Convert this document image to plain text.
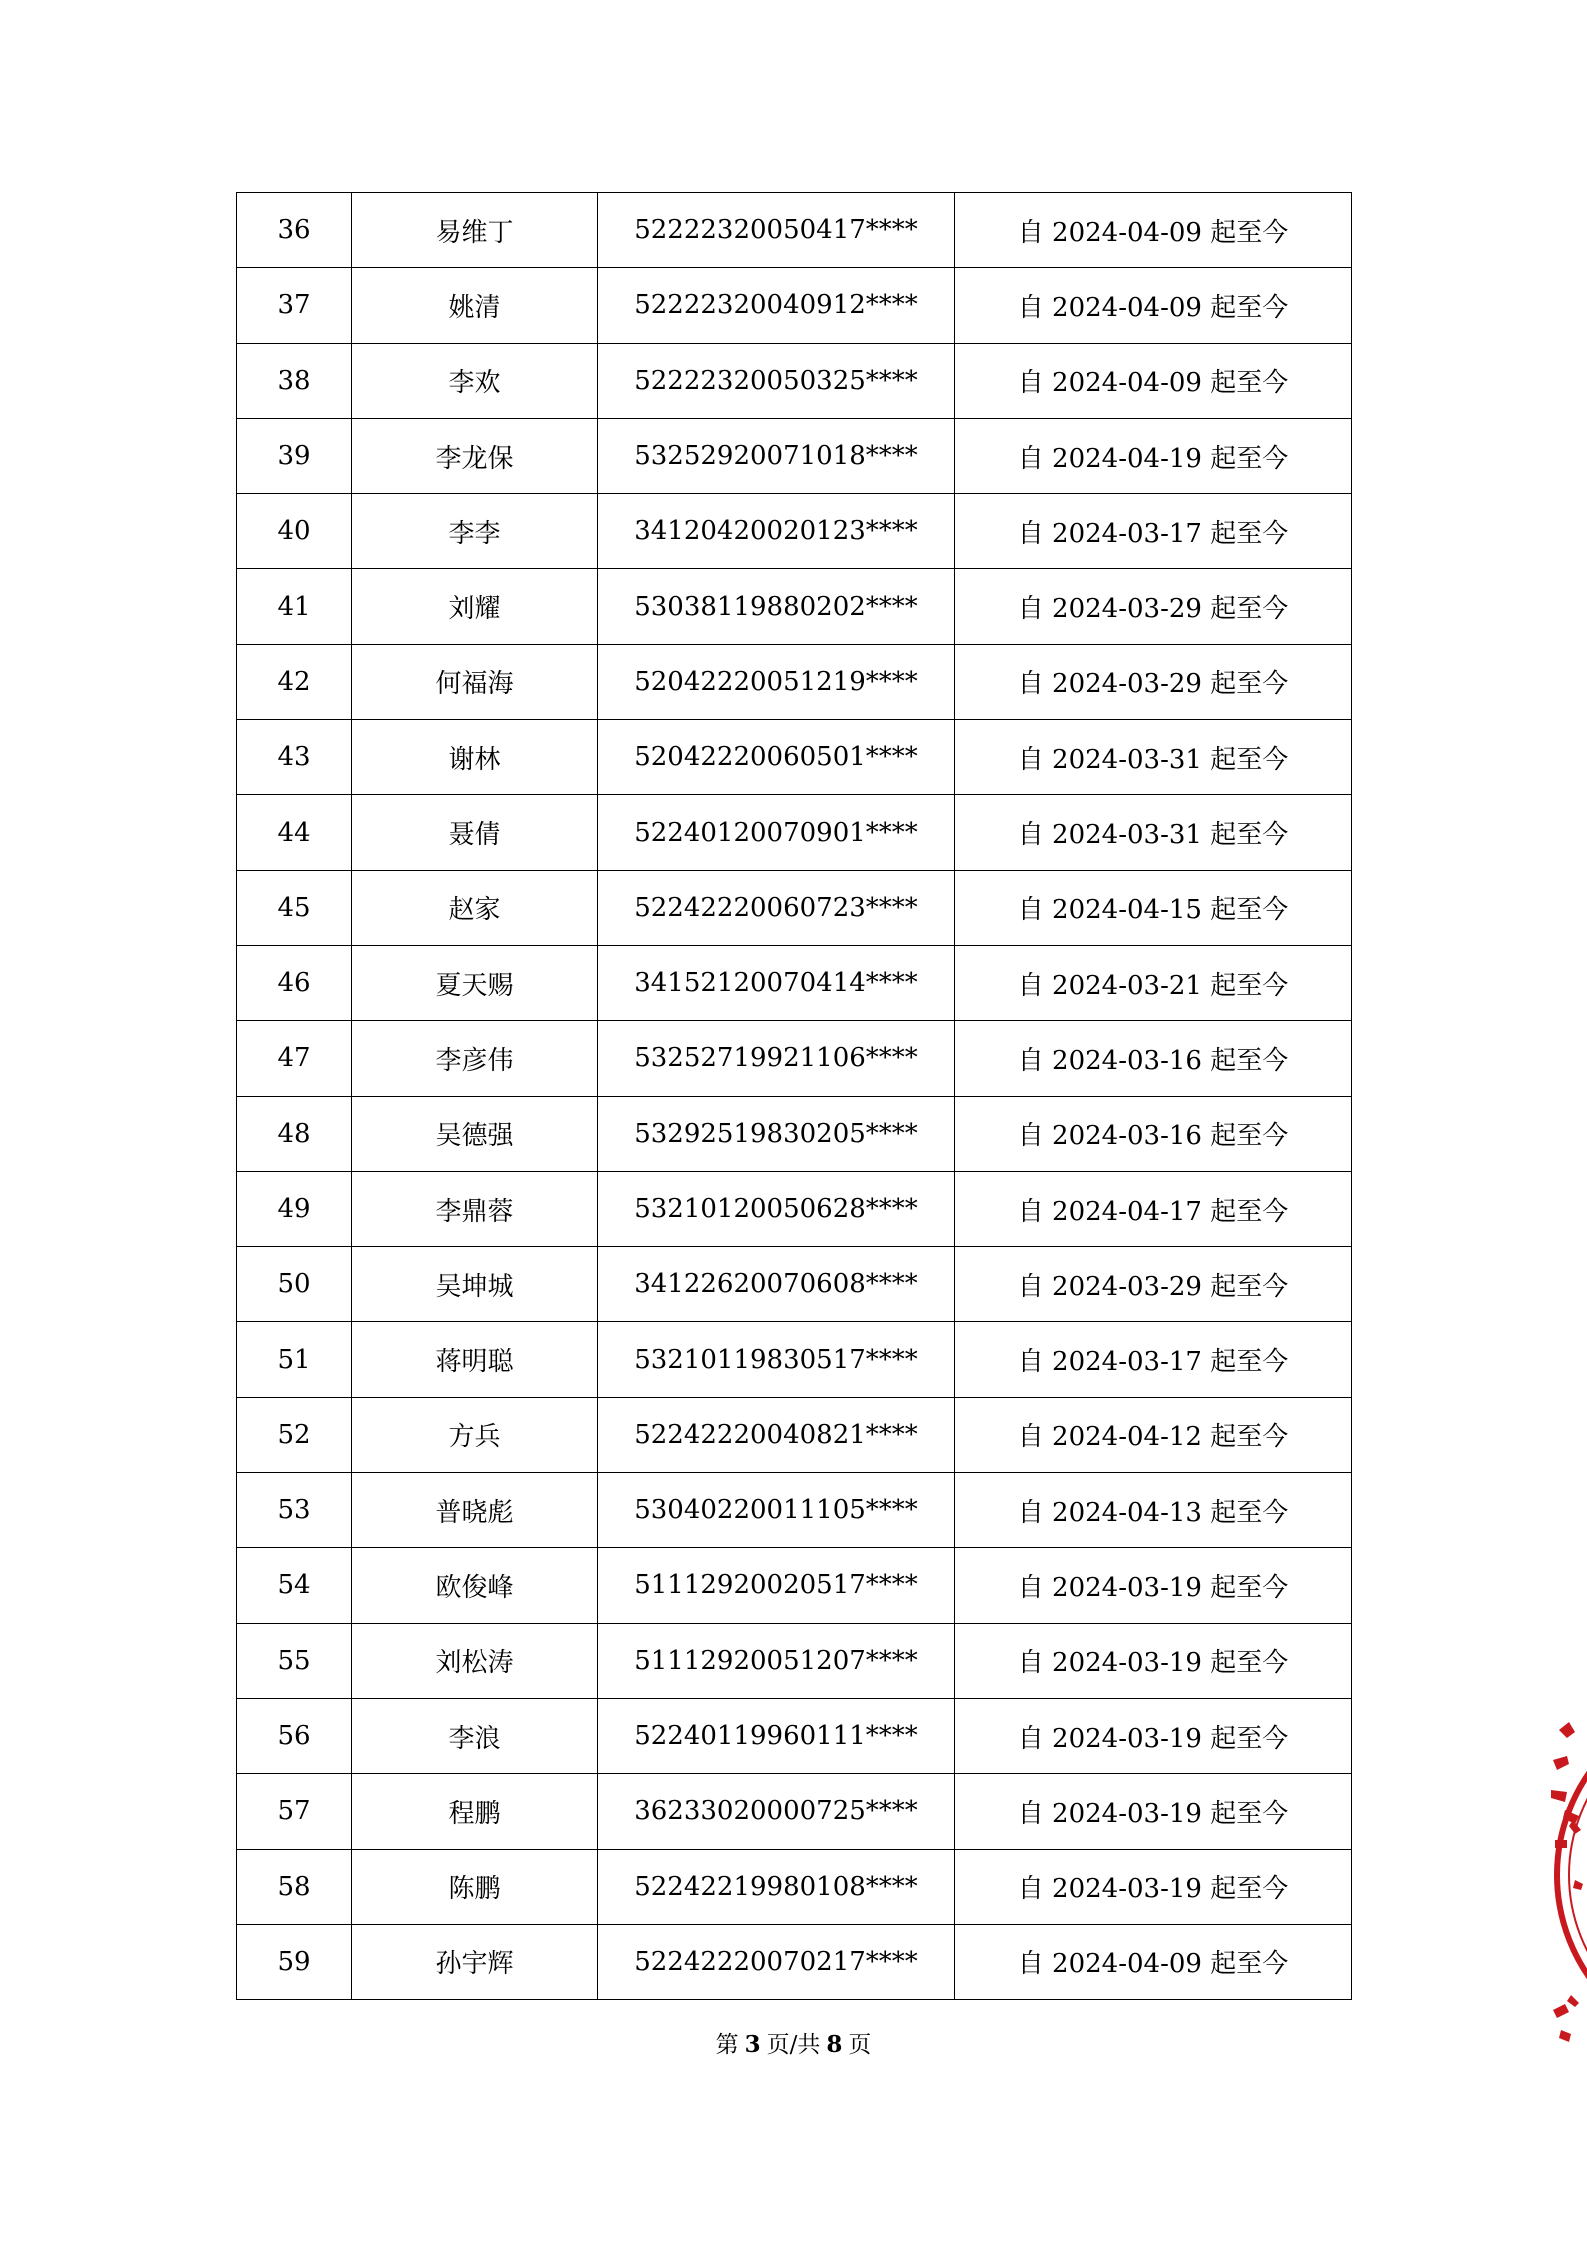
36	易维丁	52222320050417****	自 2024-04-09 起至今
37	姚清	52222320040912****	自 2024-04-09 起至今
38	李欢	52222320050325****	自 2024-04-09 起至今
39	李龙保	53252920071018****	自 2024-04-19 起至今
40	李李	34120420020123****	自 2024-03-17 起至今
41	刘耀	53038119880202****	自 2024-03-29 起至今
42	何福海	52042220051219****	自 2024-03-29 起至今
43	谢林	52042220060501****	自 2024-03-31 起至今
44	聂倩	52240120070901****	自 2024-03-31 起至今
45	赵家	52242220060723****	自 2024-04-15 起至今
46	夏天赐	34152120070414****	自 2024-03-21 起至今
47	李彦伟	53252719921106****	自 2024-03-16 起至今
48	吴德强	53292519830205****	自 2024-03-16 起至今
49	李鼎蓉	53210120050628****	自 2024-04-17 起至今
50	吴坤城	34122620070608****	自 2024-03-29 起至今
51	蒋明聪	53210119830517****	自 2024-03-17 起至今
52	方兵	52242220040821****	自 2024-04-12 起至今
53	普晓彪	53040220011105****	自 2024-04-13 起至今
54	欧俊峰	51112920020517****	自 2024-03-19 起至今
55	刘松涛	51112920051207****	自 2024-03-19 起至今
56	李浪	52240119960111****	自 2024-03-19 起至今
57	程鹏	36233020000725****	自 2024-03-19 起至今
58	陈鹏	52242219980108****	自 2024-03-19 起至今
59	孙宇辉	52242220070217****	自 2024-04-09 起至今
第 3 页/共 8 页
